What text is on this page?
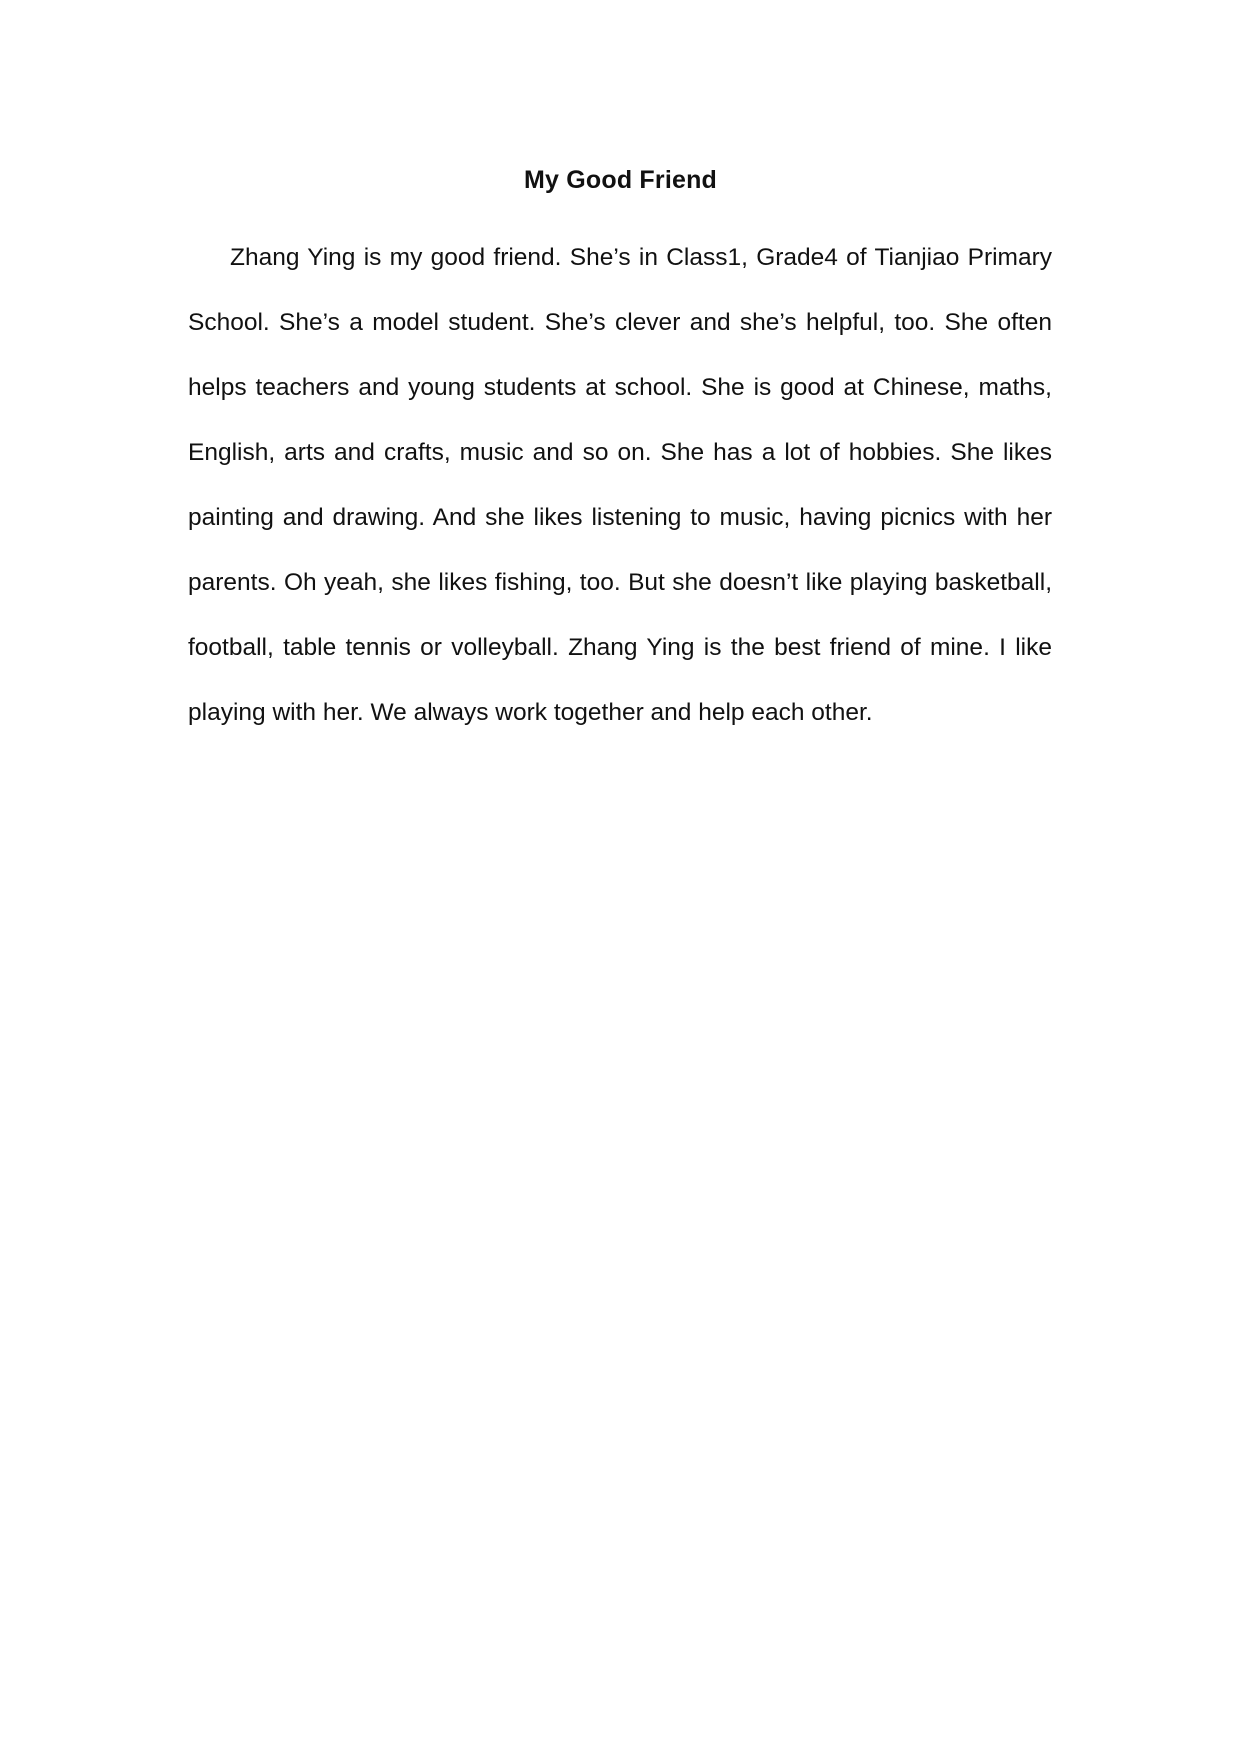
My Good Friend

Zhang Ying is my good friend. She’s in Class1, Grade4 of Tianjiao Primary School. She’s a model student. She’s clever and she’s helpful, too. She often helps teachers and young students at school. She is good at Chinese, maths, English, arts and crafts, music and so on. She has a lot of hobbies. She likes painting and drawing. And she likes listening to music, having picnics with her parents. Oh yeah, she likes fishing, too. But she doesn’t like playing basketball, football, table tennis or volleyball. Zhang Ying is the best friend of mine. I like playing with her. We always work together and help each other.
